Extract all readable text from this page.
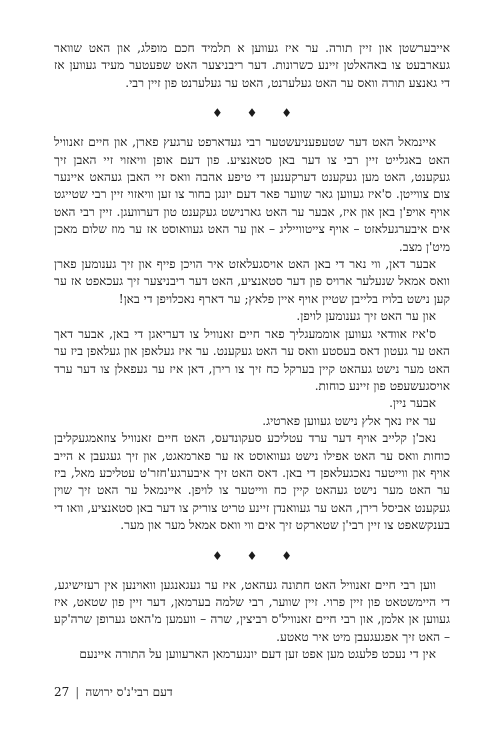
אייבערשטן און זיין תורה. ער איז געווען א תלמיד חכם מופלג, און האט שוואר געארבעט צו באהאלטן זיינע כשרונות. דער ריבניצער האט שפעטער מעיד געווען אז די גאנצע תורה וואס ער האט געלערנט, האט ער געלערנט פון זיין רבי.

♦ ♦ ♦

איינמאל האט דער שטעפעניעשטער רבי געדארפט ערגעץ פארן, און חיים זאנוויל האט באגלייט זיין רבי צו דער באן סטאנציע. פון דעם אופן וויאזוי זיי האבן זיך געקענט, האט מען געקענט דערקענען די טיפע אהבה וואס זיי האבן געהאט איינער צום צווייטן. ס'איז געווען גאר שווער פאר דעם יונגן בחור צו זען וויאזוי זיין רבי שטייגט אויף אויפ'ן באן און איז, אבער ער האט גארנישט געקענט טון דערוועגן. זיין רבי האט אים איבערגעלאזט – אויף צייטווייליג – און ער האט געוואוסט אז ער מוז שלום מאכן מיט'ן מצב.

אבער דאן, ווי נאר די באן האט אויסגעלאזט איר הויכן פייף און זיך גענומען פארן וואס אמאל שנעלער ארויס פון דער סטאנציע, האט דער ריבניצער זיך געכאפט אז ער קען נישט בלויז בלייבן שטיין אויף איין פלאץ; ער דארף נאכלויפן די באן!

און ער האט זיך גענומען לויפן.

ס'איז אוודאי געווען אוממעגליך פאר חיים זאנוויל צו דעריאגן די באן, אבער דאך האט ער געטון דאס בעסטע וואס ער האט געקענט. ער איז געלאפן און געלאפן ביז ער האט מער נישט געהאט קיין בערקל כח זיך צו רירן, דאן איז ער געפאלן צו דער ערד אויסגעשעפט פון זיינע כוחות.

אבער ניין.

ער איז נאך אלץ נישט געווען פארטיג.

נאכ'ן קלייב אויף דער ערד עטליכע סעקונדעס, האט חיים זאנוויל צוזאמגעקליבן כוחות וואס ער האט אפילו נישט געוואוסט אז ער פארמאגט, און זיך געגעבן א הייב אויף און ווייטער נאכגעלאפן די באן. דאס האט זיך איבערגע'חזר'ט עטליכע מאל, ביז ער האט מער נישט געהאט קיין כח ווייטער צו לויפן. איינמאל ער האט זיך שוין געקענט אביסל רירן, האט ער געוואנדן זיינע טריט צוריק צו דער באן סטאנציע, וואו די בענקשאפט צו זיין רבי'ן שטארקט זיך אים ווי וואס אמאל מער און מער.

♦ ♦ ♦

ווען רבי חיים זאנוויל האט חתונה געהאט, איז ער געגאנגען וואוינען אין רעזישיגע, די היימשטאט פון זיין פרוי. זיין שווער, רבי שלמה בערמאן, דער זיין פון שטאט, איז געווען אן אלמן, און רבי חיים זאנוויל'ס רביצין, שרה – וועמען מ'האט גערופן שרה'קע – האט זיך אפגעגעבן מיט איר טאטע.

אין די נעכט פלעגט מען אפט זען דעם יונגערמאן הארעווען על התורה איינעם

דעם רבי'נ'ס ירושה|27
